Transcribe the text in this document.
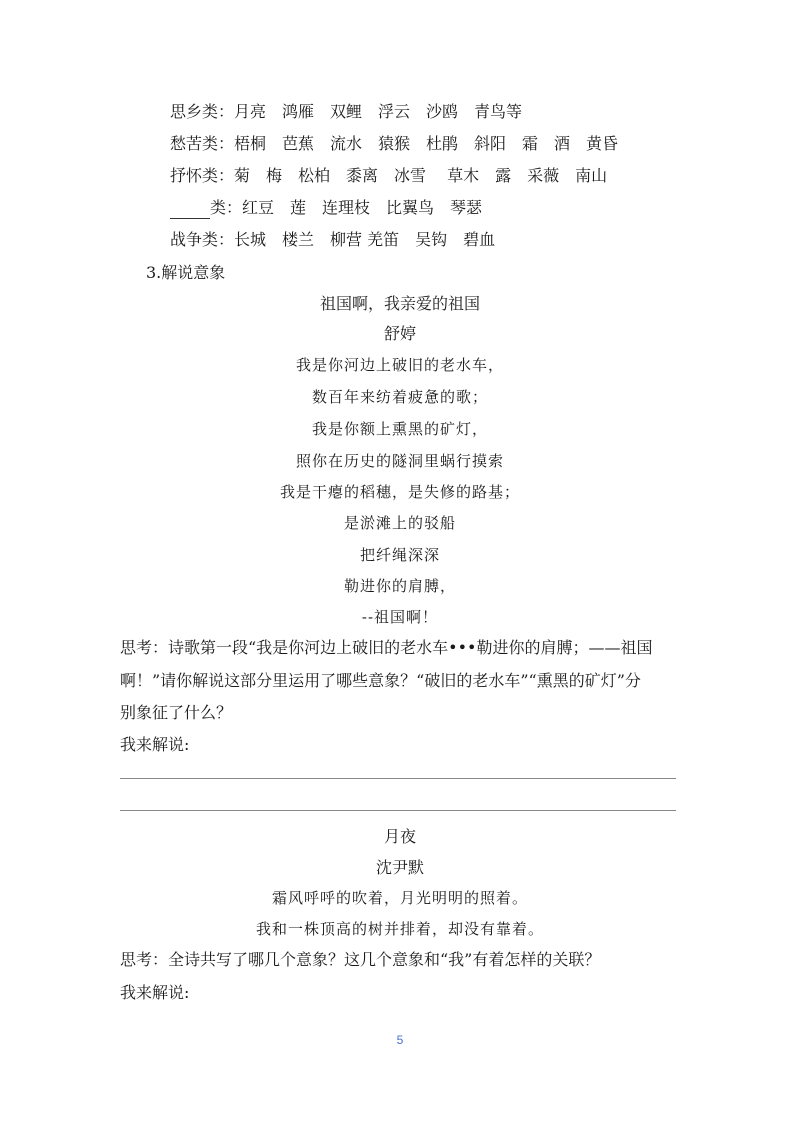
思乡类：月亮　鸿雁　双鲤　浮云　沙鸥　青鸟等
愁苦类：梧桐　芭蕉　流水　猿猴　杜鹃　斜阳　霜　酒　黄昏
抒怀类：菊　梅　松柏　黍离　冰雪　 草木　露　采薇　南山
类：红豆　莲　连理枝　比翼鸟　琴瑟
战争类：长城　楼兰　柳营 羌笛　吴钩　碧血
3.解说意象
祖国啊，我亲爱的祖国
舒婷
我是你河边上破旧的老水车，
数百年来纺着疲惫的歌；
我是你额上熏黑的矿灯，
照你在历史的隧洞里蜗行摸索
我是干瘪的稻穗，是失修的路基；
是淤滩上的驳船
把纤绳深深
勒进你的肩膊，
--祖国啊！
思考：诗歌第一段“我是你河边上破旧的老水车•••勒进你的肩膊；——祖国
啊！”请你解说这部分里运用了哪些意象？“破旧的老水车”“熏黑的矿灯”分
别象征了什么？
我来解说:
月夜
沈尹默
霜风呼呼的吹着，月光明明的照着。
我和一株顶高的树并排着，却没有靠着。
思考：全诗共写了哪几个意象？这几个意象和“我”有着怎样的关联？
我来解说:
5
